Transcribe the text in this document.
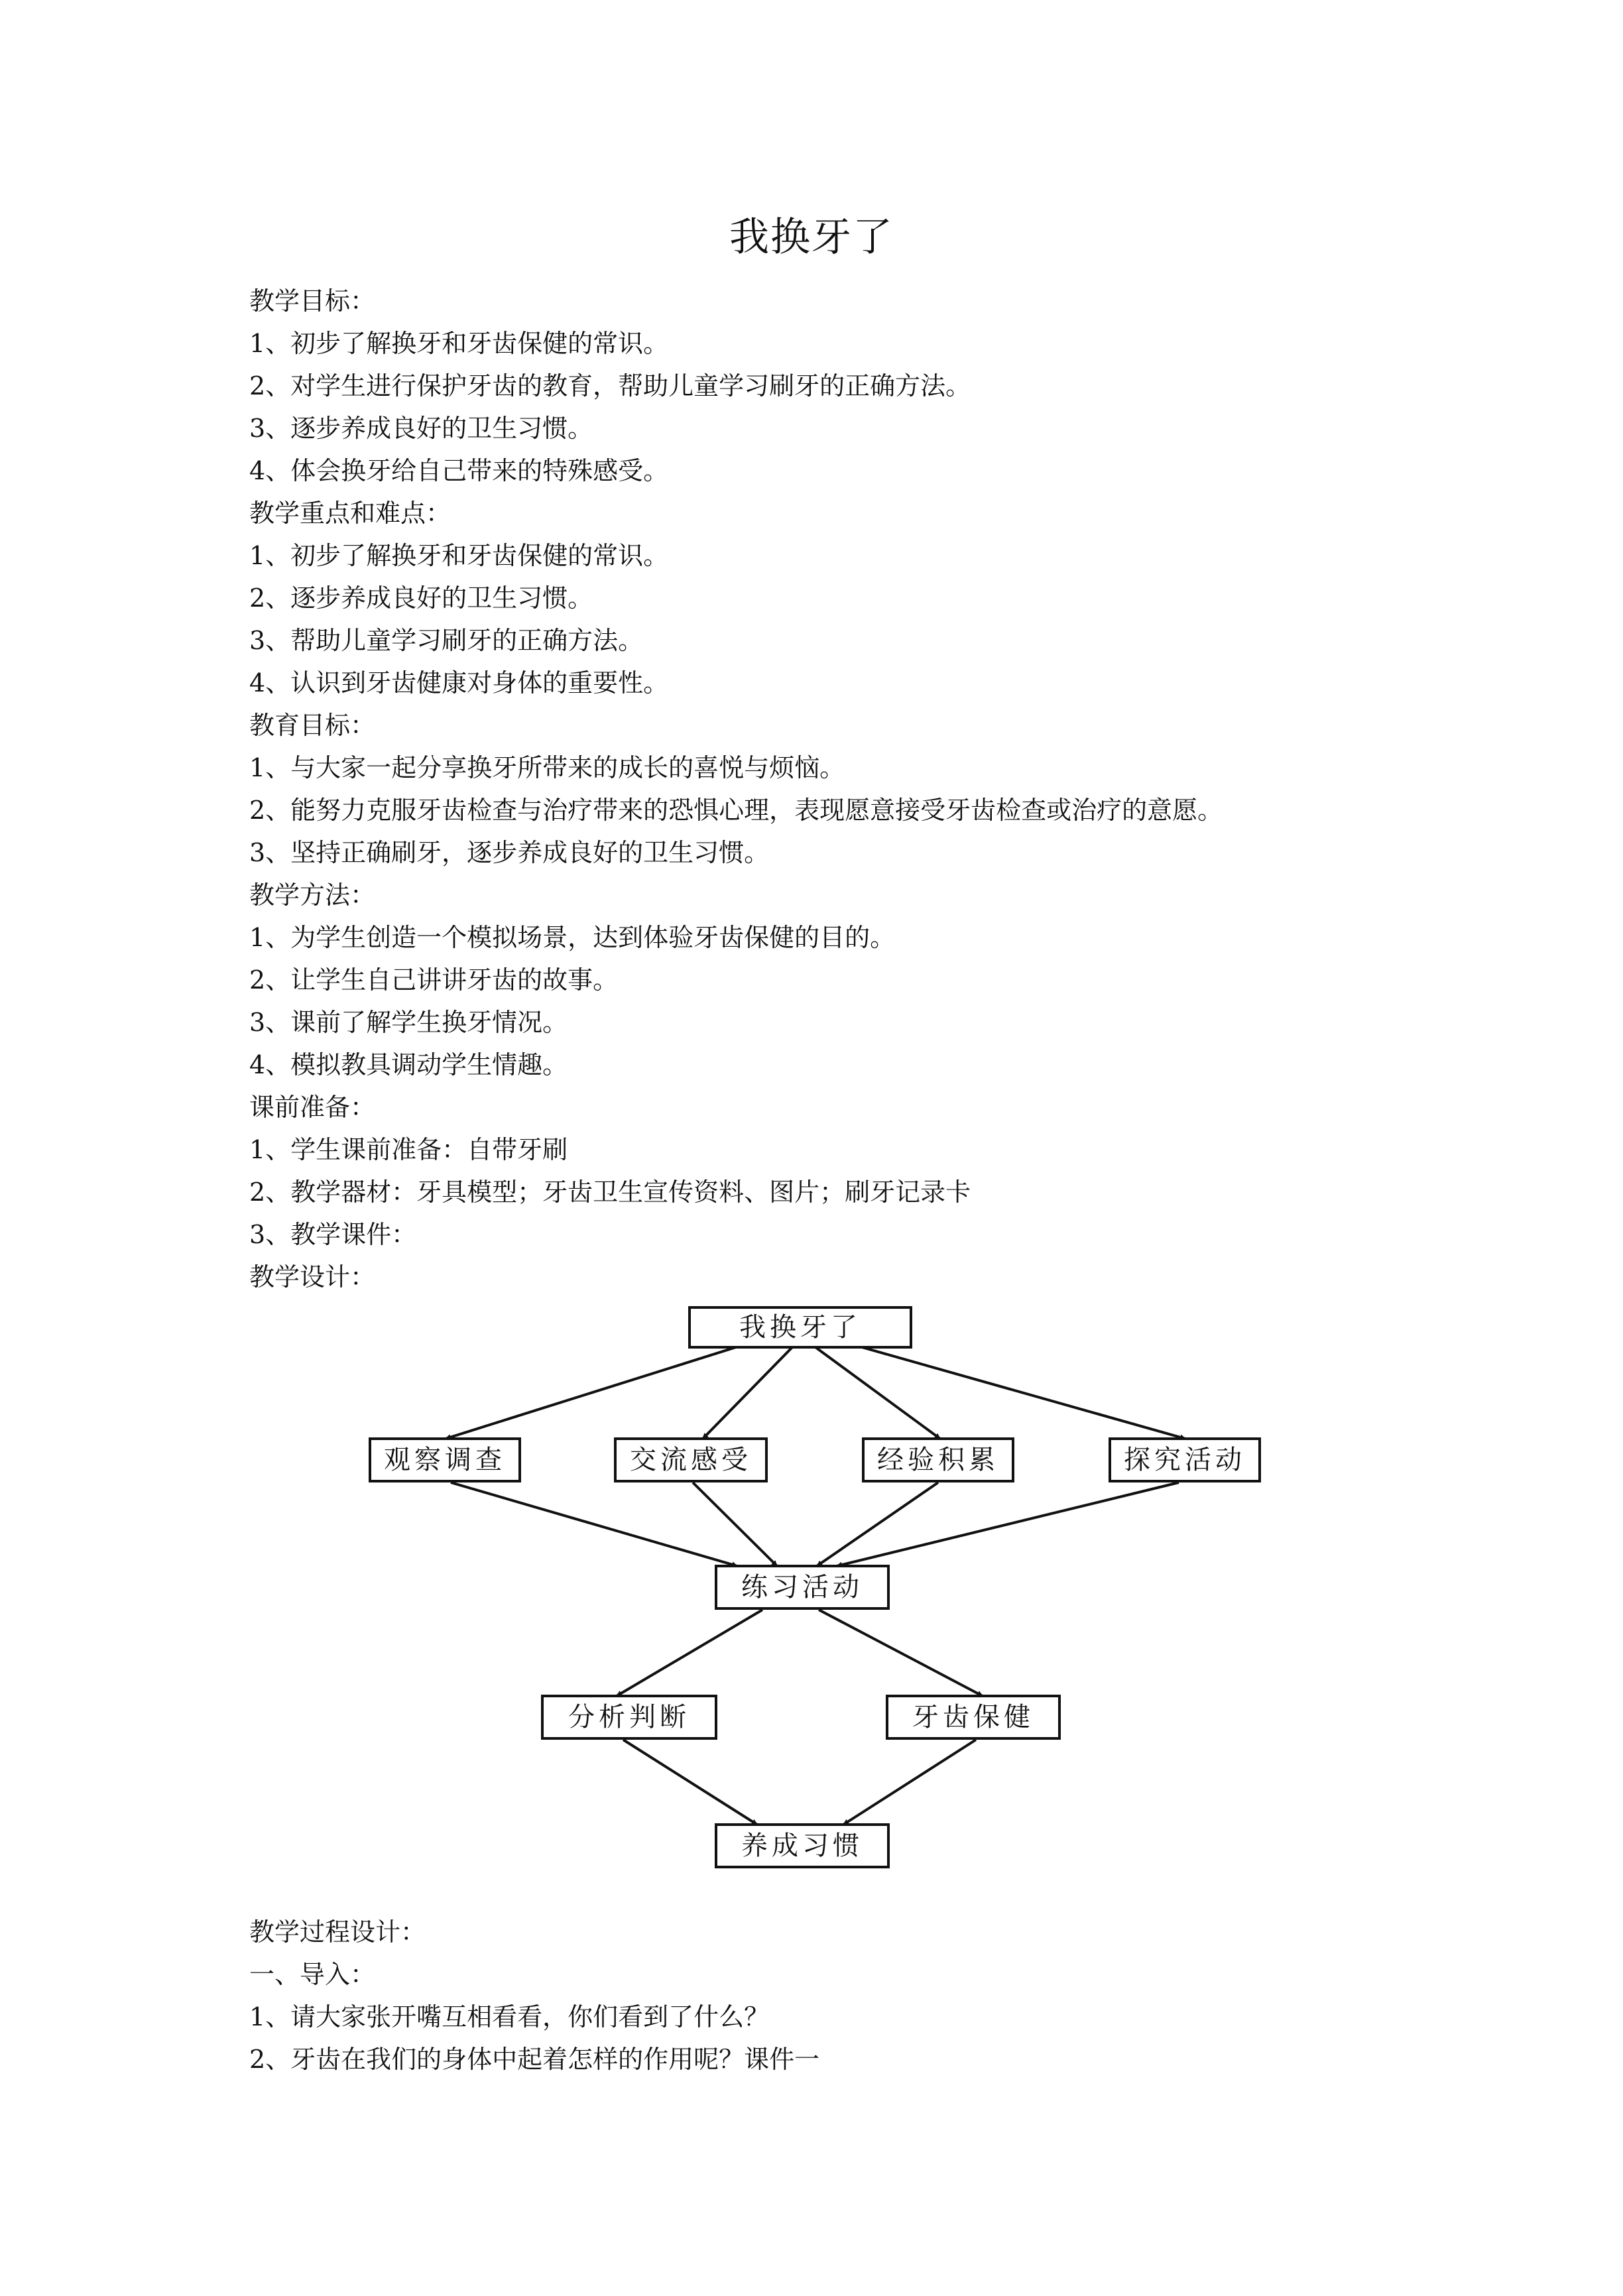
我换牙了
教学目标：
1、初步了解换牙和牙齿保健的常识。
2、对学生进行保护牙齿的教育，帮助儿童学习刷牙的正确方法。
3、逐步养成良好的卫生习惯。
4、体会换牙给自己带来的特殊感受。
教学重点和难点：
1、初步了解换牙和牙齿保健的常识。
2、逐步养成良好的卫生习惯。
3、帮助儿童学习刷牙的正确方法。
4、认识到牙齿健康对身体的重要性。
教育目标：
1、与大家一起分享换牙所带来的成长的喜悦与烦恼。
2、能努力克服牙齿检查与治疗带来的恐惧心理，表现愿意接受牙齿检查或治疗的意愿。
3、坚持正确刷牙，逐步养成良好的卫生习惯。
教学方法：
1、为学生创造一个模拟场景，达到体验牙齿保健的目的。
2、让学生自己讲讲牙齿的故事。
3、课前了解学生换牙情况。
4、模拟教具调动学生情趣。
课前准备：
1、学生课前准备：自带牙刷
2、教学器材：牙具模型；牙齿卫生宣传资料、图片；刷牙记录卡
3、教学课件：
教学设计：
我换牙了
观察调查	交流感受	经验积累	探究活动
练习活动
分析判断	牙齿保健
养成习惯
教学过程设计：
一、导入：
1、请大家张开嘴互相看看，你们看到了什么？
2、牙齿在我们的身体中起着怎样的作用呢？课件一
